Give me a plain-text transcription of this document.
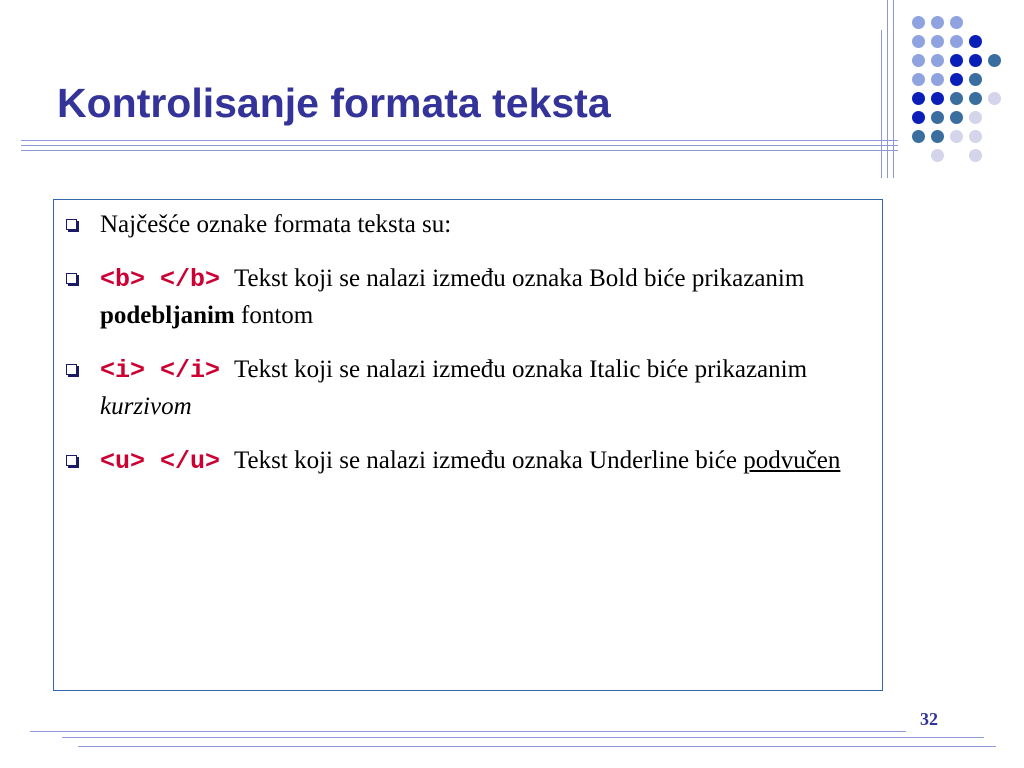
Kontrolisanje formata teksta
Najčešće oznake formata teksta su:
<b> </b> Tekst koji se nalazi između oznaka Bold biće prikazanim podebljanim fontom
<i> </i> Tekst koji se nalazi između oznaka Italic biće prikazanim kurzivom
<u> </u> Tekst koji se nalazi između oznaka Underline biće podvučen
32
